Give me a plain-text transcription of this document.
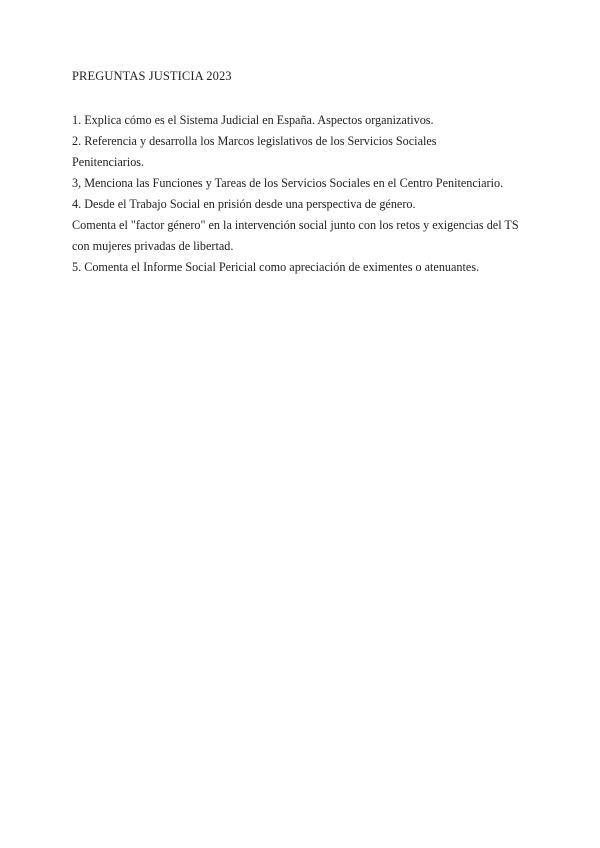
PREGUNTAS JUSTICIA 2023
1. Explica cómo es el Sistema Judicial en España. Aspectos organizativos.
2. Referencia y desarrolla los Marcos legislativos de los Servicios Sociales
Penitenciarios.
3, Menciona las Funciones y Tareas de los Servicios Sociales en el Centro Penitenciario.
4. Desde el Trabajo Social en prisión desde una perspectiva de género.
Comenta el "factor género" en la intervención social junto con los retos y exigencias del TS
con mujeres privadas de libertad.
5. Comenta el Informe Social Pericial como apreciación de eximentes o atenuantes.
